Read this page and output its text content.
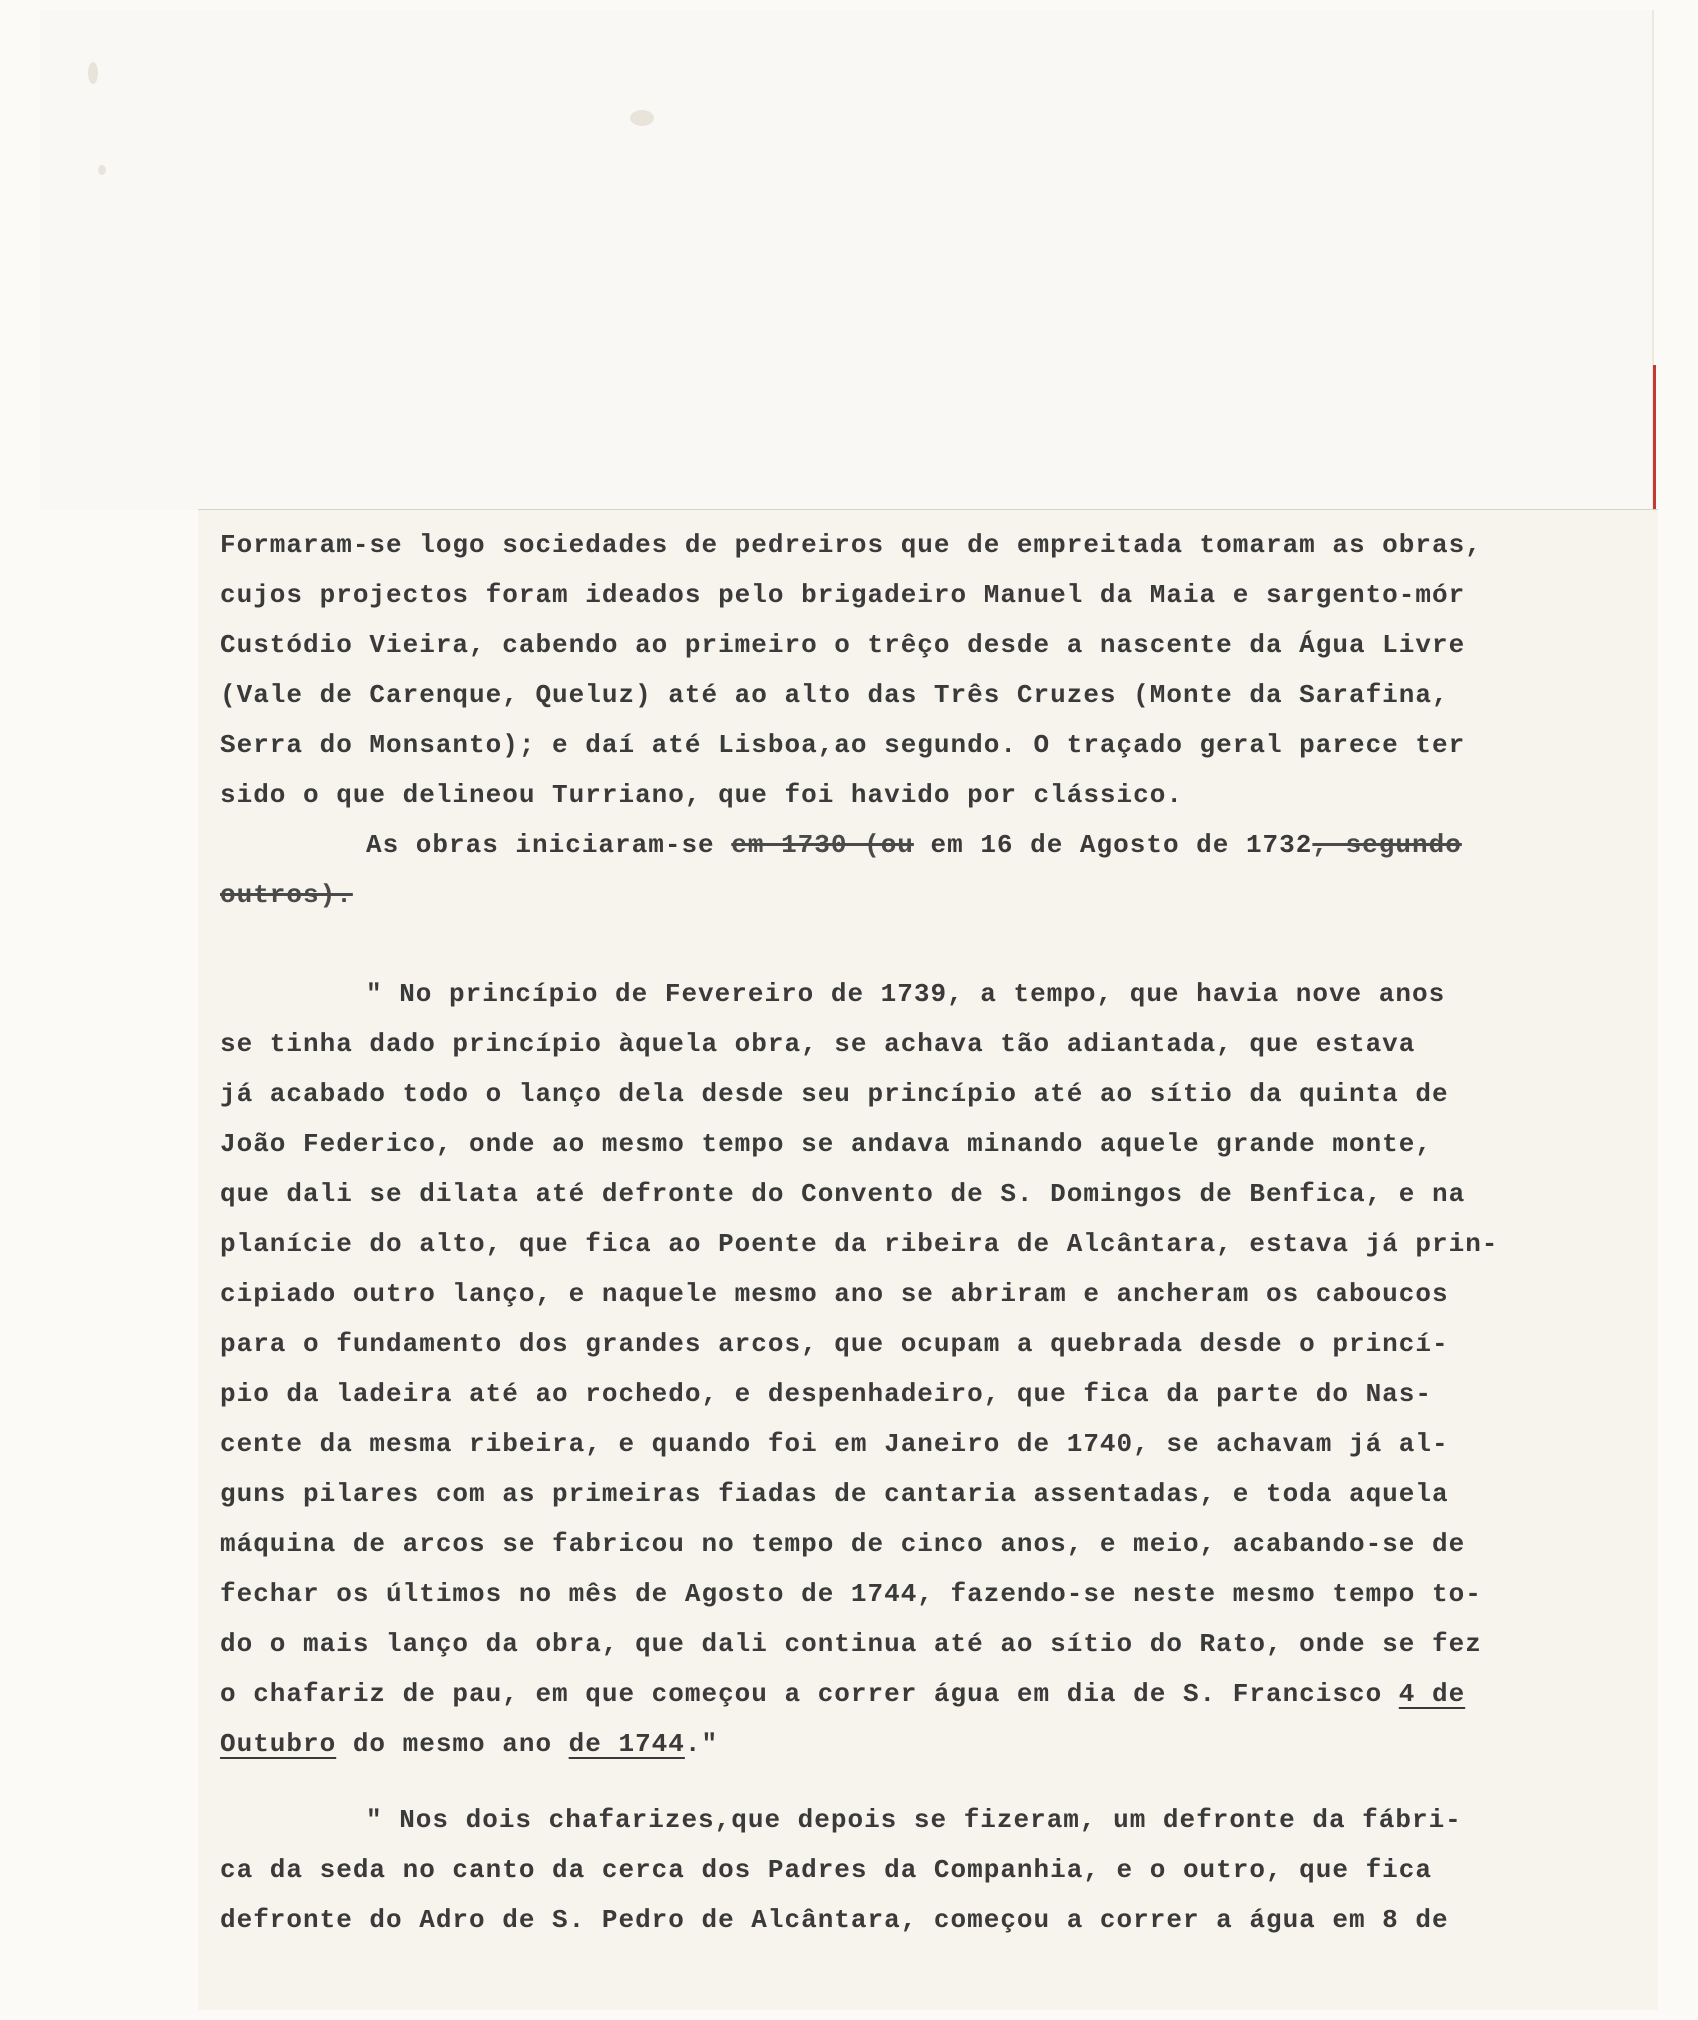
Formaram-se logo sociedades de pedreiros que de empreitada tomaram as obras,
cujos projectos foram ideados pelo brigadeiro Manuel da Maia e sargento-mór
Custódio Vieira, cabendo ao primeiro o trêço desde a nascente da Água Livre
(Vale de Carenque, Queluz) até ao alto das Três Cruzes (Monte da Sarafina,
Serra do Monsanto); e daí até Lisboa,ao segundo. O traçado geral parece ter
sido o que delineou Turriano, que foi havido por clássico.
As obras iniciaram-se em 1730 (ou em 16 de Agosto de 1732, segundo
outros).
" No princípio de Fevereiro de 1739, a tempo, que havia nove anos
se tinha dado princípio àquela obra, se achava tão adiantada, que estava
já acabado todo o lanço dela desde seu princípio até ao sítio da quinta de
João Federico, onde ao mesmo tempo se andava minando aquele grande monte,
que dali se dilata até defronte do Convento de S. Domingos de Benfica, e na
planície do alto, que fica ao Poente da ribeira de Alcântara, estava já prin-
cipiado outro lanço, e naquele mesmo ano se abriram e ancheram os caboucos
para o fundamento dos grandes arcos, que ocupam a quebrada desde o princí-
pio da ladeira até ao rochedo, e despenhadeiro, que fica da parte do Nas-
cente da mesma ribeira, e quando foi em Janeiro de 1740, se achavam já al-
guns pilares com as primeiras fiadas de cantaria assentadas, e toda aquela
máquina de arcos se fabricou no tempo de cinco anos, e meio, acabando-se de
fechar os últimos no mês de Agosto de 1744, fazendo-se neste mesmo tempo to-
do o mais lanço da obra, que dali continua até ao sítio do Rato, onde se fez
o chafariz de pau, em que começou a correr água em dia de S. Francisco 4 de
Outubro do mesmo ano de 1744."
" Nos dois chafarizes,que depois se fizeram, um defronte da fábri-
ca da seda no canto da cerca dos Padres da Companhia, e o outro, que fica
defronte do Adro de S. Pedro de Alcântara, começou a correr a água em 8 de
